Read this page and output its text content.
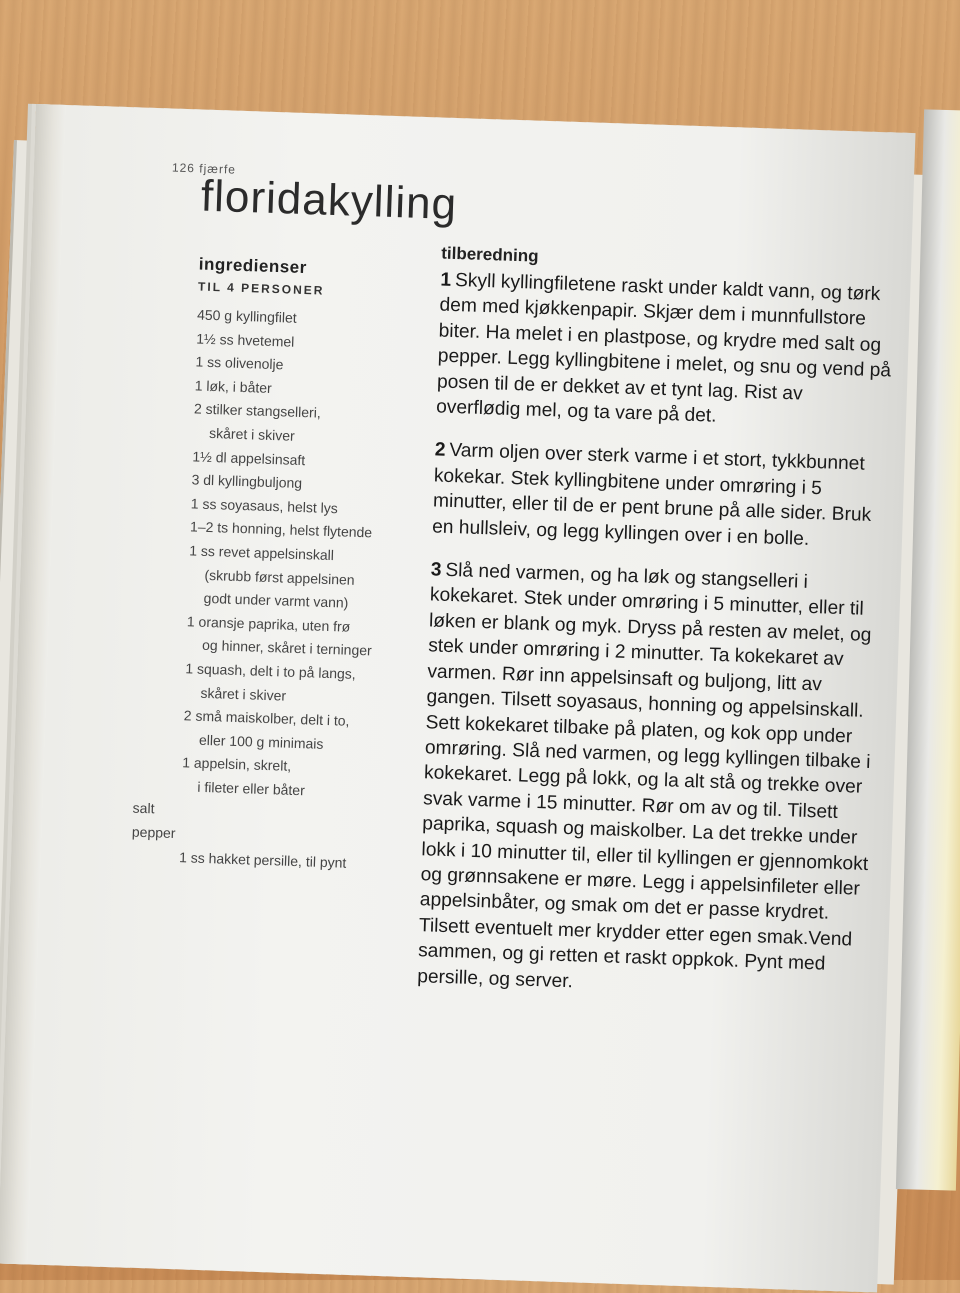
126 fjærfe
floridakylling
ingredienser
TIL 4 PERSONER
450 g kyllingfilet
1½ ss hvetemel
1 ss olivenolje
1 løk, i båter
2 stilker stangselleri,
skåret i skiver
1½ dl appelsinsaft
3 dl kyllingbuljong
1 ss soyasaus, helst lys
1–2 ts honning, helst flytende
1 ss revet appelsinskall
(skrubb først appelsinen
godt under varmt vann)
1 oransje paprika, uten frø
og hinner, skåret i terninger
1 squash, delt i to på langs,
skåret i skiver
2 små maiskolber, delt i to,
eller 100 g minimais
1 appelsin, skrelt,
i fileter eller båter
salt
pepper
1 ss hakket persille, til pynt
tilberedning

1 Skyll kyllingfiletene raskt under kaldt vann, og tørk dem med kjøkkenpapir. Skjær dem i munnfullstore biter. Ha melet i en plastpose, og krydre med salt og pepper. Legg kyllingbitene i melet, og snu og vend på posen til de er dekket av et tynt lag. Rist av overflødig mel, og ta vare på det.

2 Varm oljen over sterk varme i et stort, tykkbunnet kokekar. Stek kyllingbitene under omrøring i 5 minutter, eller til de er pent brune på alle sider. Bruk en hullsleiv, og legg kyllingen over i en bolle.

3 Slå ned varmen, og ha løk og stangselleri i kokekaret. Stek under omrøring i 5 minutter, eller til løken er blank og myk. Dryss på resten av melet, og stek under omrøring i 2 minutter. Ta kokekaret av varmen. Rør inn appelsinsaft og buljong, litt av gangen. Tilsett soyasaus, honning og appelsinskall. Sett kokekaret tilbake på platen, og kok opp under omrøring. Slå ned varmen, og legg kyllingen tilbake i kokekaret. Legg på lokk, og la alt stå og trekke over svak varme i 15 minutter. Rør om av og til. Tilsett paprika, squash og maiskolber. La det trekke under lokk i 10 minutter til, eller til kyllingen er gjennomkokt og grønnsakene er møre. Legg i appelsinfileter eller appelsinbåter, og smak om det er passe krydret. Tilsett eventuelt mer krydder etter egen smak.Vend sammen, og gi retten et raskt oppkok. Pynt med persille, og server.
